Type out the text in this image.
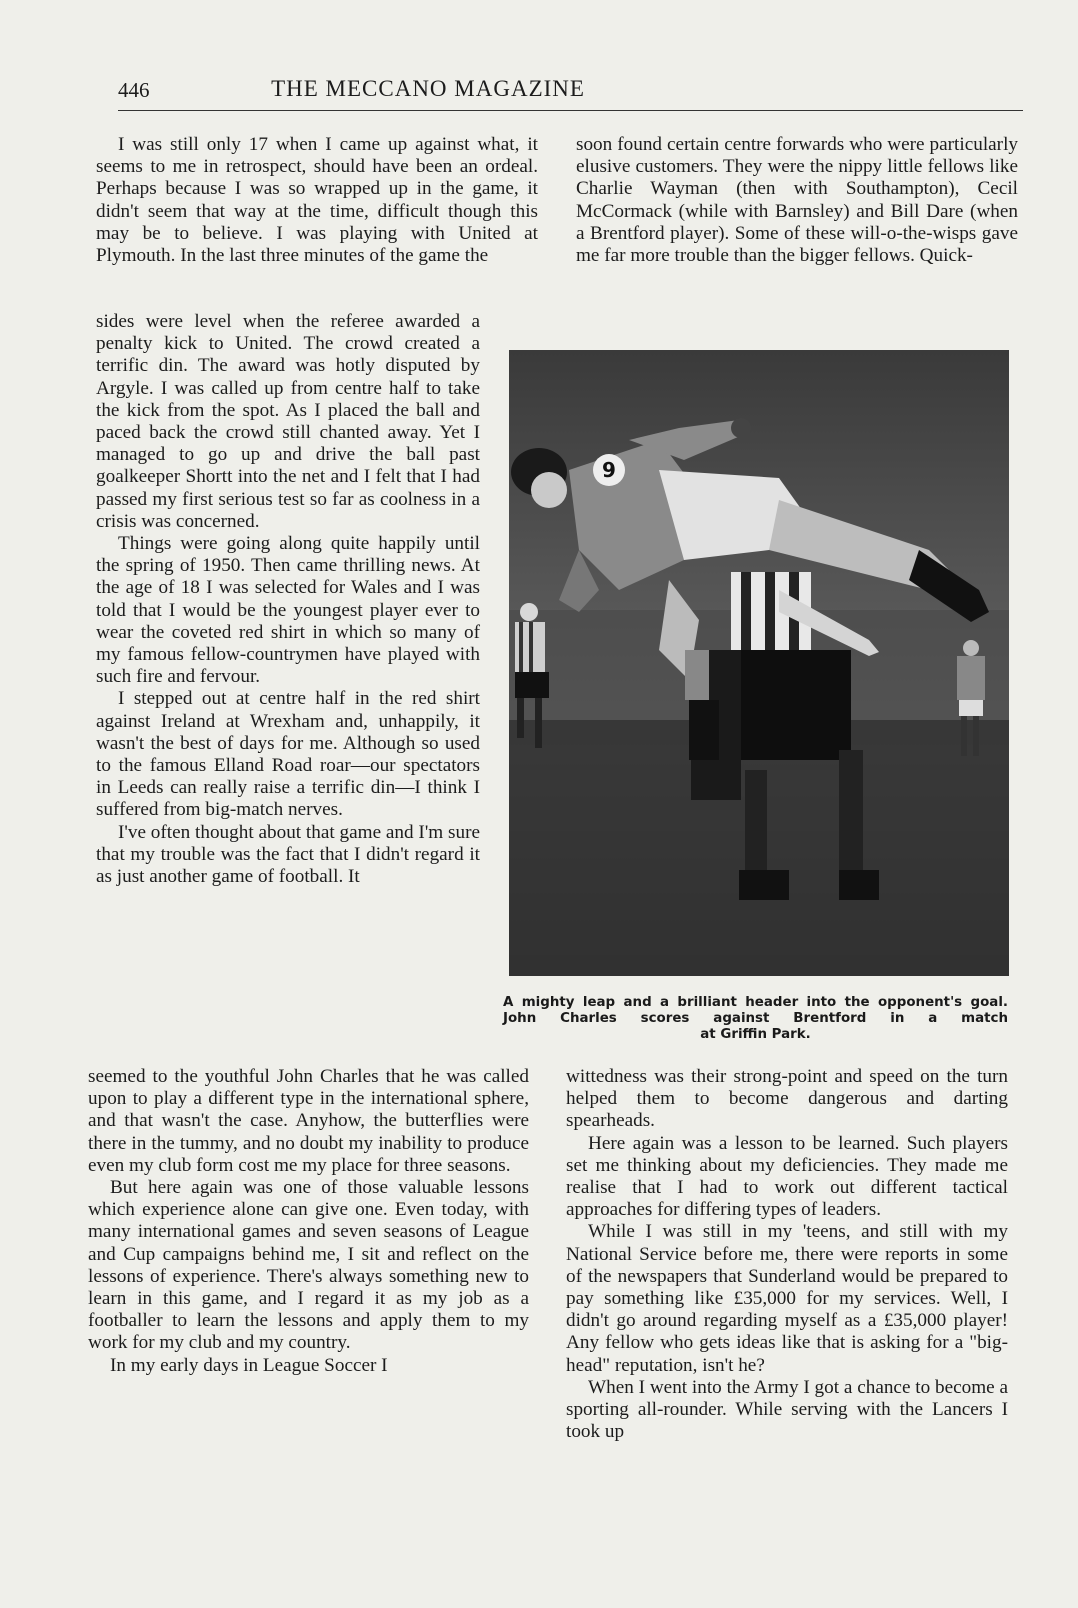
446	THE MECCANO MAGAZINE

I was still only 17 when I came up against what, it seems to me in retrospect, should have been an ordeal. Perhaps because I was so wrapped up in the game, it didn't seem that way at the time, difficult though this may be to believe. I was playing with United at Plymouth. In the last three minutes of the game the

sides were level when the referee awarded a penalty kick to United. The crowd created a terrific din. The award was hotly disputed by Argyle. I was called up from centre half to take the kick from the spot. As I placed the ball and paced back the crowd still chanted away. Yet I managed to go up and drive the ball past goalkeeper Shortt into the net and I felt that I had passed my first serious test so far as coolness in a crisis was concerned.

Things were going along quite happily until the spring of 1950. Then came thrilling news. At the age of 18 I was selected for Wales and I was told that I would be the youngest player ever to wear the coveted red shirt in which so many of my famous fellow-countrymen have played with such fire and fervour.

I stepped out at centre half in the red shirt against Ireland at Wrexham and, unhappily, it wasn't the best of days for me. Although so used to the famous Elland Road roar—our spectators in Leeds can really raise a terrific din—I think I suffered from big-match nerves.

I've often thought about that game and I'm sure that my trouble was the fact that I didn't regard it as just another game of football. It

seemed to the youthful John Charles that he was called upon to play a different type in the international sphere, and that wasn't the case. Anyhow, the butterflies were there in the tummy, and no doubt my inability to produce even my club form cost me my place for three seasons.

But here again was one of those valuable lessons which experience alone can give one. Even today, with many international games and seven seasons of League and Cup campaigns behind me, I sit and reflect on the lessons of experience. There's always something new to learn in this game, and I regard it as my job as a footballer to learn the lessons and apply them to my work for my club and my country.

In my early days in League Soccer I

soon found certain centre forwards who were particularly elusive customers. They were the nippy little fellows like Charlie Wayman (then with Southampton), Cecil McCormack (while with Barnsley) and Bill Dare (when a Brentford player). Some of these will-o-the-wisps gave me far more trouble than the bigger fellows. Quick-

9
A mighty leap and a brilliant header into the opponent's goal. John Charles scores against Brentford in a match
at Griffin Park.

wittedness was their strong-point and speed on the turn helped them to become dangerous and darting spearheads.

Here again was a lesson to be learned. Such players set me thinking about my deficiencies. They made me realise that I had to work out different tactical approaches for differing types of leaders.

While I was still in my 'teens, and still with my National Service before me, there were reports in some of the newspapers that Sunderland would be prepared to pay something like £35,000 for my services. Well, I didn't go around regarding myself as a £35,000 player! Any fellow who gets ideas like that is asking for a "big-head" reputation, isn't he?

When I went into the Army I got a chance to become a sporting all-rounder. While serving with the Lancers I took up
